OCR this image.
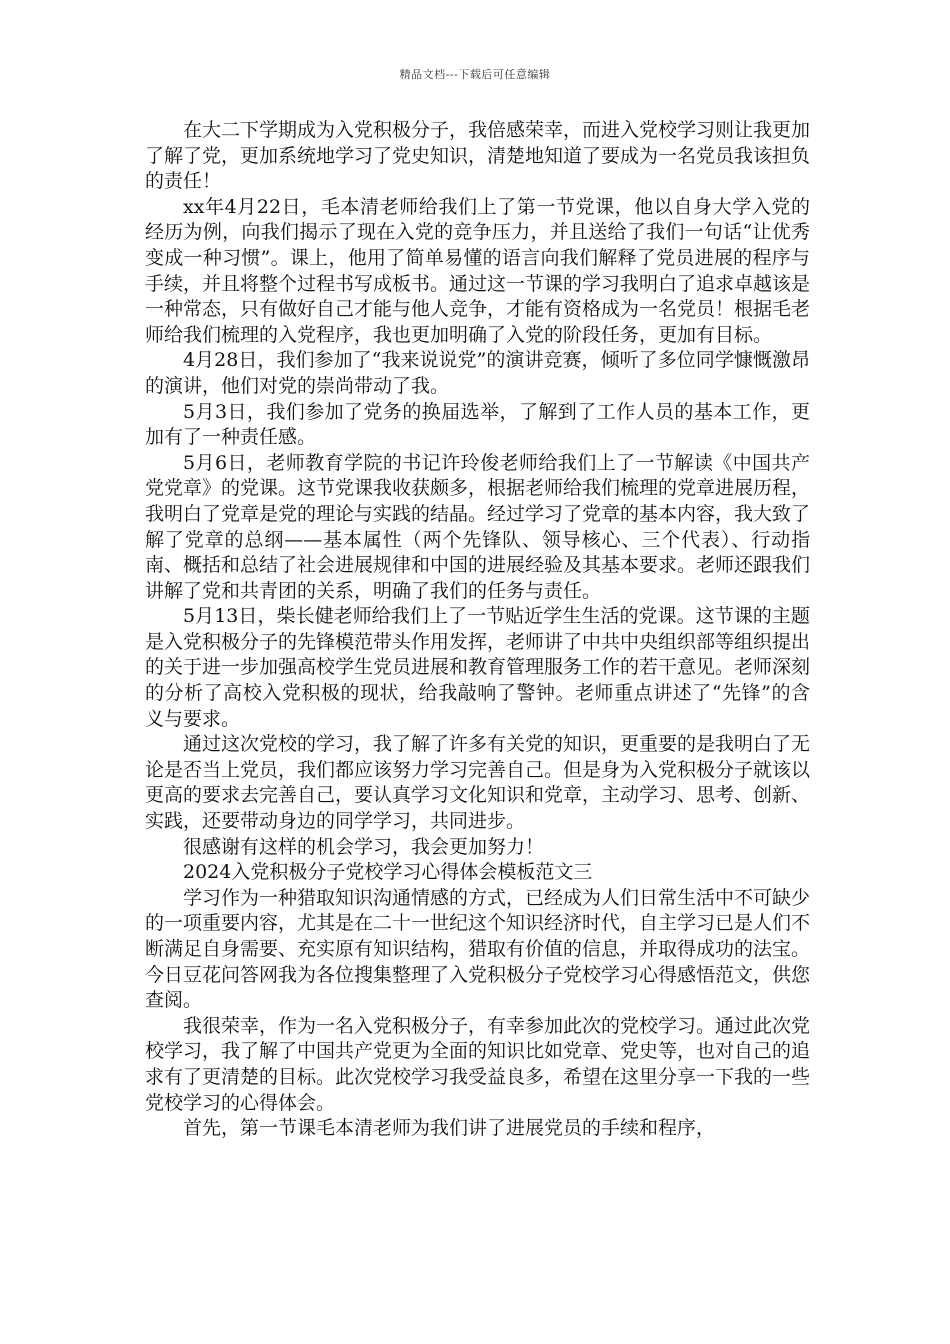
精品文档---下载后可任意编辑

在大二下学期成为入党积极分子，我倍感荣幸，而进入党校学习则让我更加了解了党，更加系统地学习了党史知识，清楚地知道了要成为一名党员我该担负的责任！

xx年4月22日，毛本清老师给我们上了第一节党课，他以自身大学入党的经历为例，向我们揭示了现在入党的竞争压力，并且送给了我们一句话“让优秀变成一种习惯”。课上，他用了简单易懂的语言向我们解释了党员进展的程序与手续，并且将整个过程书写成板书。通过这一节课的学习我明白了追求卓越该是一种常态，只有做好自己才能与他人竞争，才能有资格成为一名党员！根据毛老师给我们梳理的入党程序，我也更加明确了入党的阶段任务，更加有目标。

4月28日，我们参加了“我来说说党”的演讲竞赛，倾听了多位同学慷慨激昂的演讲，他们对党的崇尚带动了我。

5月3日，我们参加了党务的换届选举，了解到了工作人员的基本工作，更加有了一种责任感。

5月6日，老师教育学院的书记许玲俊老师给我们上了一节解读《中国共产党党章》的党课。这节党课我收获颇多，根据老师给我们梳理的党章进展历程，我明白了党章是党的理论与实践的结晶。经过学习了党章的基本内容，我大致了解了党章的总纲——基本属性（两个先锋队、领导核心、三个代表）、行动指南、概括和总结了社会进展规律和中国的进展经验及其基本要求。老师还跟我们讲解了党和共青团的关系，明确了我们的任务与责任。

5月13日，柴长健老师给我们上了一节贴近学生生活的党课。这节课的主题是入党积极分子的先锋模范带头作用发挥，老师讲了中共中央组织部等组织提出的关于进一步加强高校学生党员进展和教育管理服务工作的若干意见。老师深刻的分析了高校入党积极的现状，给我敲响了警钟。老师重点讲述了“先锋”的含义与要求。

通过这次党校的学习，我了解了许多有关党的知识，更重要的是我明白了无论是否当上党员，我们都应该努力学习完善自己。但是身为入党积极分子就该以更高的要求去完善自己，要认真学习文化知识和党章，主动学习、思考、创新、实践，还要带动身边的同学学习，共同进步。

很感谢有这样的机会学习，我会更加努力！

2024入党积极分子党校学习心得体会模板范文三

学习作为一种猎取知识沟通情感的方式，已经成为人们日常生活中不可缺少的一项重要内容，尤其是在二十一世纪这个知识经济时代，自主学习已是人们不断满足自身需要、充实原有知识结构，猎取有价值的信息，并取得成功的法宝。今日豆花问答网我为各位搜集整理了入党积极分子党校学习心得感悟范文，供您查阅。

我很荣幸，作为一名入党积极分子，有幸参加此次的党校学习。通过此次党校学习，我了解了中国共产党更为全面的知识比如党章、党史等，也对自己的追求有了更清楚的目标。此次党校学习我受益良多，希望在这里分享一下我的一些党校学习的心得体会。

首先，第一节课毛本清老师为我们讲了进展党员的手续和程序，
